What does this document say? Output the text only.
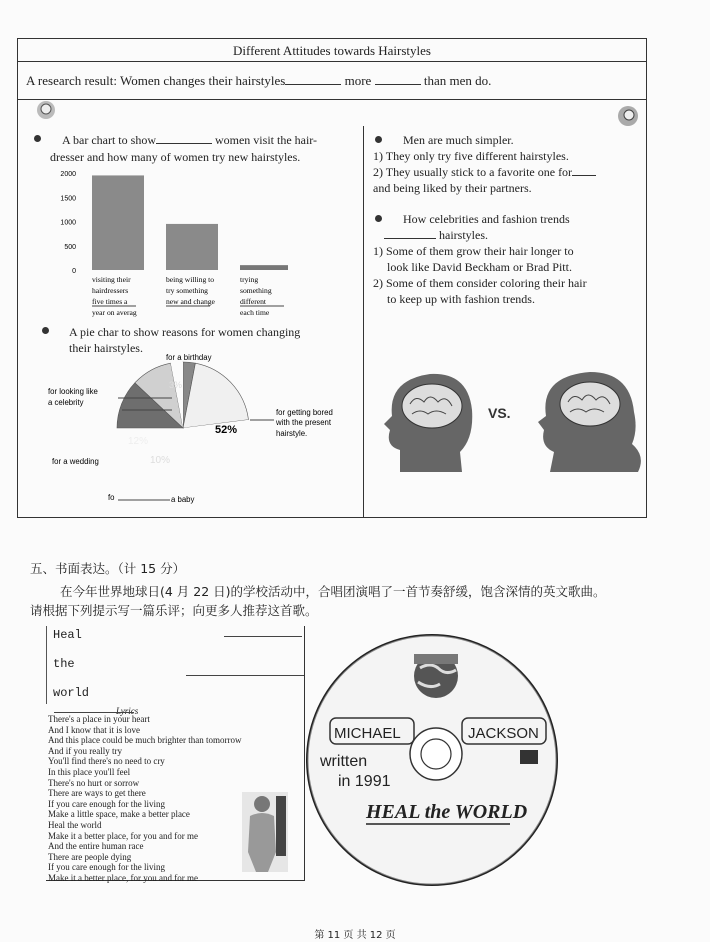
Different Attitudes towards Hairstyles
A research result: Women changes their hairstyles	more	than men do.
A bar chart to show	women visit the hair-
dresser and how many of women try new hairstyles.
0
500
1000
1500
2000
visiting their
hairdressers
five times a
year on averag
being willing to
try something
new and change
trying
something
different
each time
A pie char to show reasons for women changing
their hairstyles.
for a birthday
for looking like
a celebrity
for getting bored
with the present
hairstyle.
for a wedding
fo	a baby
52%
12%
10%
3%
Men are much simpler.
1) They only try five different hairstyles.
2) They usually stick to a favorite one for
and being liked by their partners.
How celebrities and fashion trends
hairstyles.
1) Some of them grow their hair longer to
look like David Beckham or Brad Pitt.
2) Some of them consider coloring their hair
to keep up with fashion trends.
VS.
五、书面表达。（计 15 分）
在今年世界地球日(4 月 22 日)的学校活动中，合唱团演唱了一首节奏舒缓，饱含深情的英文歌曲。
请根据下列提示写一篇乐评；向更多人推荐这首歌。
Heal
the
world
Lyrics
There's a place in your heart
And I know that it is love
And this place could be much brighter than tomorrow
And if you really try
You'll find there's no need to cry
In this place you'll feel
There's no hurt or sorrow
There are ways to get there
If you care enough for the living
Make a little space, make a better place
Heal the world
Make it a better place, for you and for me
And the entire human race
There are people dying
If you care enough for the living
Make it a better place, for you and for me
MICHAEL	JACKSON
written
in 1991
HEAL the WORLD
第 11 页 共 12 页
